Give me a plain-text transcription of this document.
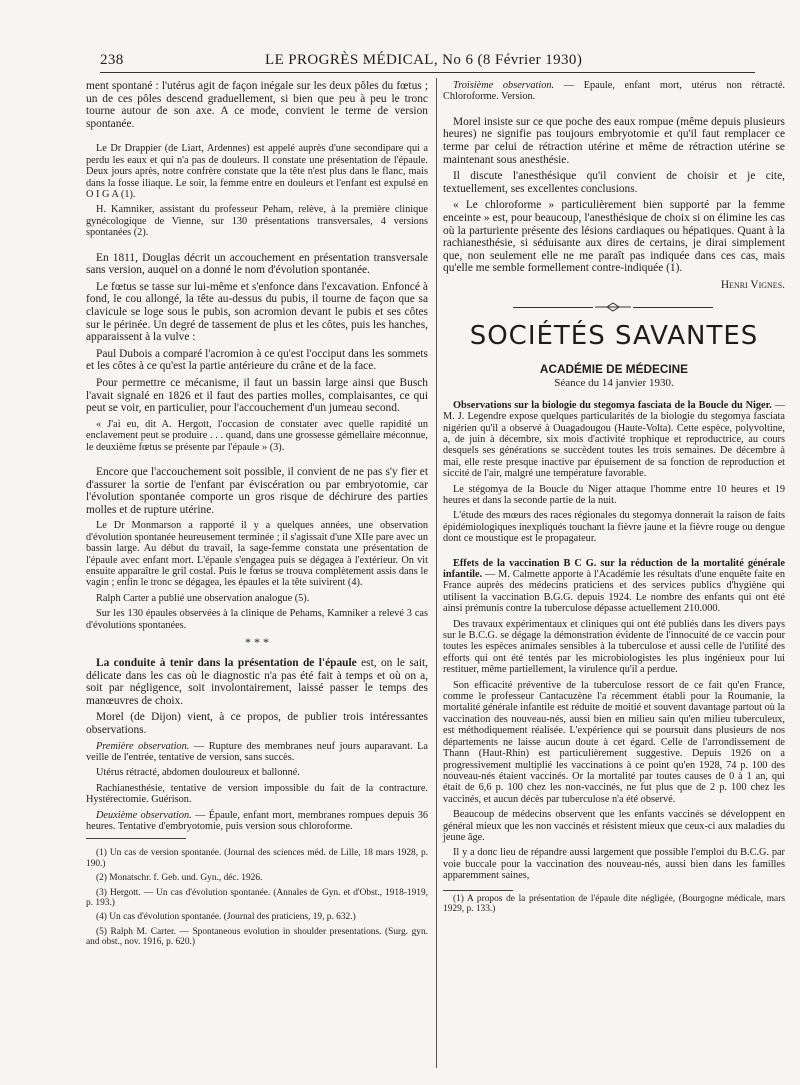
238	LE PROGRÈS MÉDICAL, No 6 (8 Février 1930)

ment spontané : l'utérus agit de façon inégale sur les deux pôles du fœtus ; un de ces pôles descend graduellement, si bien que peu à peu le tronc tourne autour de son axe. A ce mode, convient le terme de version spontanée.

Le Dr Drappier (de Liart, Ardennes) est appelé auprès d'une secondipare qui a perdu les eaux et qui n'a pas de douleurs. Il constate une présentation de l'épaule. Deux jours après, notre confrère constate que la tête n'est plus dans le flanc, mais dans la fosse iliaque. Le soir, la femme entre en douleurs et l'enfant est expulsé en O I G A (1).

H. Kamniker, assistant du professeur Peham, relève, à la première clinique gynécologique de Vienne, sur 130 présentations transversales, 4 versions spontanées (2).

En 1811, Douglas décrit un accouchement en présentation transversale sans version, auquel on a donné le nom d'évolution spontanée.

Le fœtus se tasse sur lui-même et s'enfonce dans l'excavation. Enfoncé à fond, le cou allongé, la tête au-dessus du pubis, il tourne de façon que sa clavicule se loge sous le pubis, son acromion devant le pubis et ses côtes sur le périnée. Un degré de tassement de plus et les côtes, puis les hanches, apparaissent à la vulve :

Paul Dubois a comparé l'acromion à ce qu'est l'occiput dans les sommets et les côtes à ce qu'est la partie antérieure du crâne et de la face.

Pour permettre ce mécanisme, il faut un bassin large ainsi que Busch l'avait signalé en 1826 et il faut des parties molles, complaisantes, ce qui peut se voir, en particulier, pour l'accouchement d'un jumeau second.

« J'ai eu, dit A. Hergott, l'occasion de constater avec quelle rapidité un enclavement peut se produire . . . quand, dans une grossesse gémellaire méconnue, le deuxième fœtus se présente par l'épaule » (3).

Encore que l'accouchement soit possible, il convient de ne pas s'y fier et d'assurer la sortie de l'enfant par éviscération ou par embryotomie, car l'évolution spontanée comporte un gros risque de déchirure des parties molles et de rupture utérine.

Le Dr Monmarson a rapporté il y a quelques années, une observation d'évolution spontanée heureusement terminée ; il s'agissait d'une XIIe pare avec un bassin large. Au début du travail, la sage-femme constata une présentation de l'épaule avec enfant mort. L'épaule s'engagea puis se dégagea à l'extérieur. On vit ensuite apparaître le gril costal. Puis le fœtus se trouva complètement assis dans le vagin ; enfin le tronc se dégagea, les épaules et la tête suivirent (4).

Ralph Carter a publié une observation analogue (5).

Sur les 130 épaules observées à la clinique de Pehams, Kamniker a relevé 3 cas d'évolutions spontanées.

* * *

La conduite à tenir dans la présentation de l'épaule est, on le sait, délicate dans les cas où le diagnostic n'a pas été fait à temps et où on a, soit par négligence, soit involontairement, laissé passer le temps des manœuvres de choix.

Morel (de Dijon) vient, à ce propos, de publier trois intéressantes observations.

Première observation. — Rupture des membranes neuf jours auparavant. La veille de l'entrée, tentative de version, sans succès.

Utérus rétracté, abdomen douloureux et ballonné.

Rachianesthésie, tentative de version impossible du fait de la contracture. Hystérectomie. Guérison.

Deuxième observation. — Épaule, enfant mort, membranes rompues depuis 36 heures. Tentative d'embryotomie, puis version sous chloroforme.

(1) Un cas de version spontanée. (Journal des sciences méd. de Lille, 18 mars 1928, p. 190.)

(2) Monatschr. f. Geb. und. Gyn., déc. 1926.

(3) Hergott. — Un cas d'évolution spontanée. (Annales de Gyn. et d'Obst., 1918-1919, p. 193.)

(4) Un cas d'évolution spontanée. (Journal des praticiens, 19, p. 632.)

(5) Ralph M. Carter. — Spontaneous evolution in shoulder presentations. (Surg. gyn. and obst., nov. 1916, p. 620.)

Troisième observation. — Epaule, enfant mort, utérus non rétracté. Chloroforme. Version.

Morel insiste sur ce que poche des eaux rompue (même depuis plusieurs heures) ne signifie pas toujours embryotomie et qu'il faut remplacer ce terme par celui de rétraction utérine et même de rétraction utérine se maintenant sous anesthésie.

Il discute l'anesthésique qu'il convient de choisir et je cite, textuellement, ses excellentes conclusions.

« Le chloroforme » particulièrement bien supporté par la femme enceinte » est, pour beaucoup, l'anesthésique de choix si on élimine les cas où la parturiente présente des lésions cardiaques ou hépatiques. Quant à la rachianesthésie, si séduisante aux dires de certains, je dirai simplement que, non seulement elle ne me paraît pas indiquée dans ces cas, mais qu'elle me semble formellement contre-indiquée (1).

Henri Vignes.

SOCIÉTÉS SAVANTES
ACADÉMIE DE MÉDECINE
Séance du 14 janvier 1930.

Observations sur la biologie du stegomya fasciata de la Boucle du Niger. — M. J. Legendre expose quelques particularités de la biologie du stegomya fasciata nigérien qu'il a observé à Ouagadougou (Haute-Volta). Cette espèce, polyvoltine, a, de juin à décembre, six mois d'activité trophique et reproductrice, au cours desquels ses générations se succèdent toutes les trois semaines. De décembre à mai, elle reste presque inactive par épuisement de sa fonction de reproduction et siccité de l'air, malgré une température favorable.

Le stégomya de la Boucle du Niger attaque l'homme entre 10 heures et 19 heures et dans la seconde partie de la nuit.

L'étude des mœurs des races régionales du stegomya donnerait la raison de faits épidémiologiques inexpliqués touchant la fièvre jaune et la fièvre rouge ou dengue dont ce moustique est le propagateur.

Effets de la vaccination B C G. sur la réduction de la mortalité générale infantile. — M. Calmette apporte à l'Académie les résultats d'une enquête faite en France auprès des médecins praticiens et des services publics d'hygiène qui utilisent la vaccination B.G.G. depuis 1924. Le nombre des enfants qui ont été ainsi prémunis contre la tuberculose dépasse actuellement 210.000.

Des travaux expérimentaux et cliniques qui ont été publiés dans les divers pays sur le B.C.G. se dégage la démonstration évidente de l'innocuité de ce vaccin pour toutes les espèces animales sensibles à la tuberculose et aussi celle de l'utilité des efforts qui ont été tentés par les microbiologistes les plus ingénieux pour lui restituer, même partiellement, la virulence qu'il a perdue.

Son efficacité préventive de la tuberculose ressort de ce fait qu'en France, comme le professeur Cantacuzène l'a récemment établi pour la Roumanie, la mortalité générale infantile est réduite de moitié et souvent davantage partout où la vaccination des nouveau-nés, aussi bien en milieu sain qu'en milieu tuberculeux, est méthodiquement réalisée. L'expérience qui se poursuit dans plusieurs de nos départements ne laisse aucun doute à cet égard. Celle de l'arrondissement de Thann (Haut-Rhin) est particulièrement suggestive. Depuis 1926 on a progressivement multiplié les vaccinations à ce point qu'en 1928, 74 p. 100 des nouveau-nés étaient vaccinés. Or la mortalité par toutes causes de 0 à 1 an, qui était de 6,6 p. 100 chez les non-vaccinés, ne fut plus que de 2 p. 100 chez les vaccinés, et aucun décès par tuberculose n'a été observé.

Beaucoup de médecins observent que les enfants vaccinés se développent en général mieux que les non vaccinés et résistent mieux que ceux-ci aux maladies du jeune âge.

Il y a donc lieu de répandre aussi largement que possible l'emploi du B.C.G. par voie buccale pour la vaccination des nouveau-nés, aussi bien dans les familles apparemment saines,

(1) A propos de la présentation de l'épaule dite négligée, (Bourgogne médicale, mars 1929, p. 133.)
